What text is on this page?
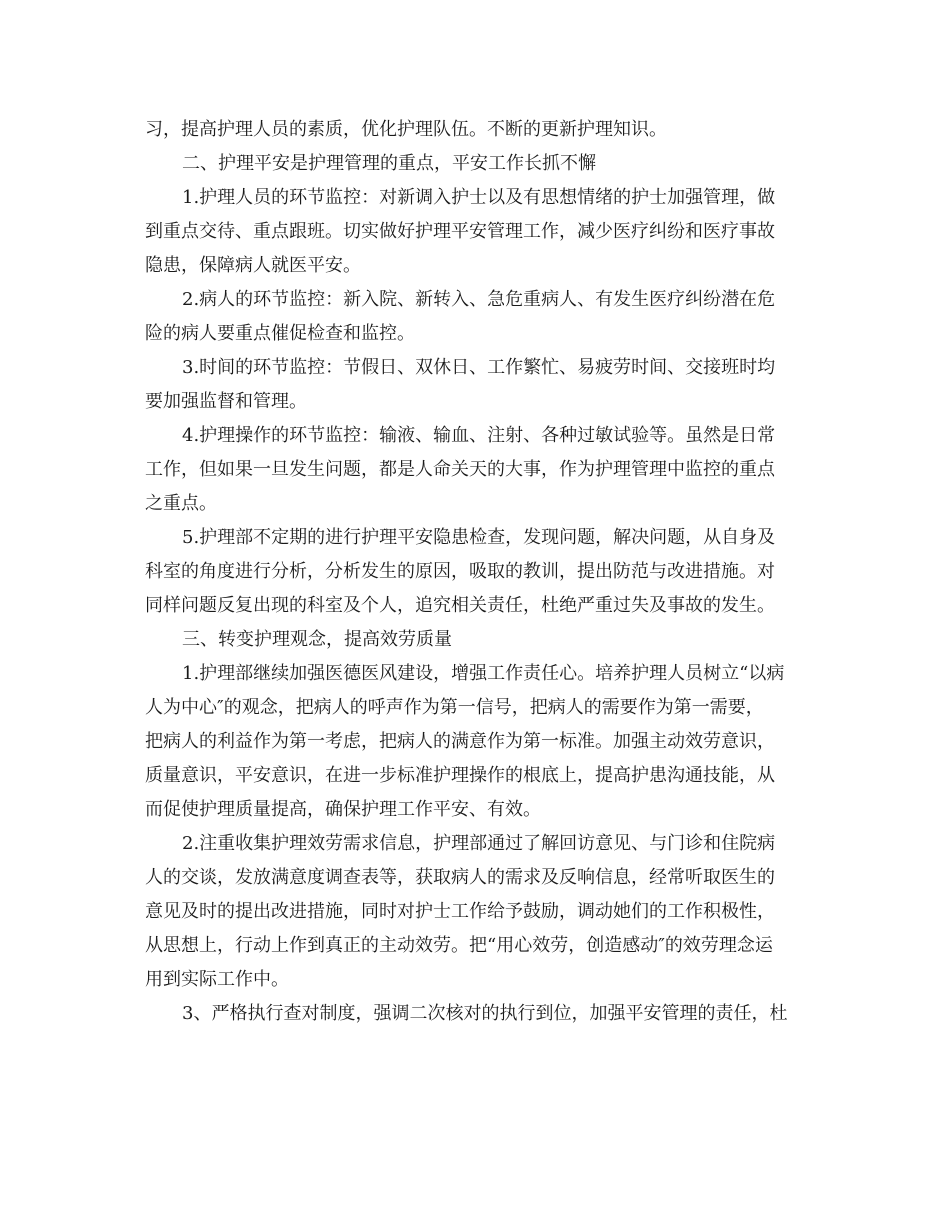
习，提高护理人员的素质，优化护理队伍。不断的更新护理知识。
二、护理平安是护理管理的重点，平安工作长抓不懈
1.护理人员的环节监控：对新调入护士以及有思想情绪的护士加强管理，做
到重点交待、重点跟班。切实做好护理平安管理工作，减少医疗纠纷和医疗事故
隐患，保障病人就医平安。
2.病人的环节监控：新入院、新转入、急危重病人、有发生医疗纠纷潜在危
险的病人要重点催促检查和监控。
3.时间的环节监控：节假日、双休日、工作繁忙、易疲劳时间、交接班时均
要加强监督和管理。
4.护理操作的环节监控：输液、输血、注射、各种过敏试验等。虽然是日常
工作，但如果一旦发生问题，都是人命关天的大事，作为护理管理中监控的重点
之重点。
5.护理部不定期的进行护理平安隐患检查，发现问题，解决问题，从自身及
科室的角度进行分析，分析发生的原因，吸取的教训，提出防范与改进措施。对
同样问题反复出现的科室及个人，追究相关责任，杜绝严重过失及事故的发生。
三、转变护理观念，提高效劳质量
1.护理部继续加强医德医风建设，增强工作责任心。培养护理人员树立“以病
人为中心″的观念，把病人的呼声作为第一信号，把病人的需要作为第一需要，
把病人的利益作为第一考虑，把病人的满意作为第一标准。加强主动效劳意识，
质量意识，平安意识，在进一步标准护理操作的根底上，提高护患沟通技能，从
而促使护理质量提高，确保护理工作平安、有效。
2.注重收集护理效劳需求信息，护理部通过了解回访意见、与门诊和住院病
人的交谈，发放满意度调查表等，获取病人的需求及反响信息，经常听取医生的
意见及时的提出改进措施，同时对护士工作给予鼓励，调动她们的工作积极性，
从思想上，行动上作到真正的主动效劳。把“用心效劳，创造感动″的效劳理念运
用到实际工作中。
3、严格执行查对制度，强调二次核对的执行到位，加强平安管理的责任，杜
